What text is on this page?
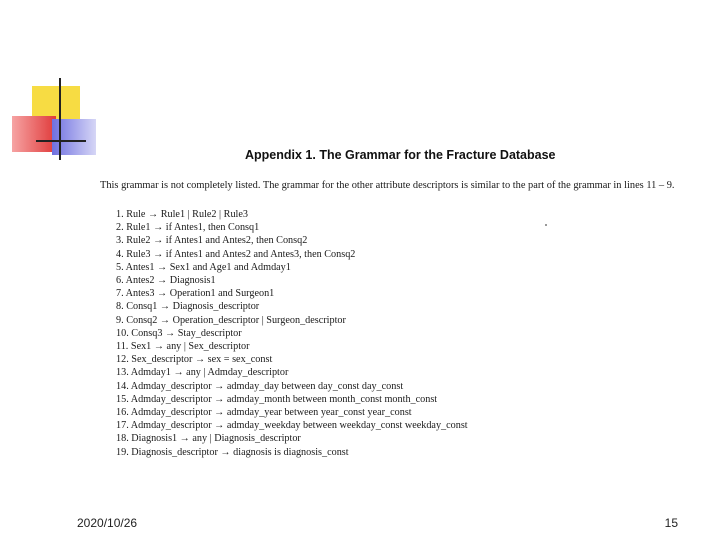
Appendix 1. The Grammar for the Fracture Database

This grammar is not completely listed. The grammar for the other attribute descriptors is similar to the part of the grammar in lines 11 ‒ 9.

1. Rule → Rule1 | Rule2 | Rule3
2. Rule1 → if Antes1, then Consq1
3. Rule2 → if Antes1 and Antes2, then Consq2
4. Rule3 → if Antes1 and Antes2 and Antes3, then Consq2
5. Antes1 → Sex1 and Age1 and Admday1
6. Antes2 → Diagnosis1
7. Antes3 → Operation1 and Surgeon1
8. Consq1 → Diagnosis_descriptor
9. Consq2 → Operation_descriptor | Surgeon_descriptor
10. Consq3 → Stay_descriptor
11. Sex1 → any | Sex_descriptor
12. Sex_descriptor → sex = sex_const
13. Admday1 → any | Admday_descriptor
14. Admday_descriptor → admday_day between day_const day_const
15. Admday_descriptor → admday_month between month_const month_const
16. Admday_descriptor → admday_year between year_const year_const
17. Admday_descriptor → admday_weekday between weekday_const weekday_const
18. Diagnosis1 → any | Diagnosis_descriptor
19. Diagnosis_descriptor → diagnosis is diagnosis_const
2020/10/26	15
